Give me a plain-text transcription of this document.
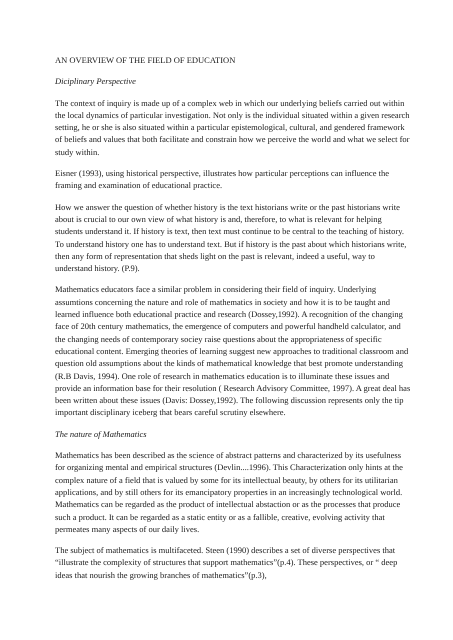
AN OVERVIEW OF THE FIELD OF EDUCATION

Diciplinary Perspective

The context of inquiry is made up of a complex web in which our underlying beliefs carried out within the local dynamics of particular investigation. Not only is the individual situated within a given research setting, he or she is also situated within a particular epistemological, cultural, and gendered framework of beliefs and values that both facilitate and constrain how we perceive the world and what we select for study within.

Eisner (1993), using historical perspective, illustrates how particular perceptions can influence the framing and examination of educational practice.

How we answer the question of whether history is the text historians write or the past historians write about is crucial to our own view of what history is and, therefore, to what is relevant for helping students understand it. If history is text, then text must continue to be central to the teaching of history. To understand history one has to understand text. But if history is the past about which historians write, then any form of representation that sheds light on the past is relevant, indeed a useful, way to understand history. (P.9).

Mathematics educators face a similar problem in considering their field of inquiry. Underlying assumtions concerning the nature and role of mathematics in society and how it is to be taught and learned influence both educational practice and research (Dossey,1992). A recognition of the changing face of 20th century mathematics, the emergence of computers and powerful handheld calculator, and the changing needs of contemporary sociey raise questions about the appropriateness of specific educational content. Emerging theories of learning suggest new approaches to traditional classroom and question old assumptions about the kinds of mathematical knowledge that best promote understanding (R.B Davis, 1994). One role of research in mathematics education is to illuminate these issues and provide an information base for their resolution ( Research Advisory Committee, 1997). A great deal has been written about these issues (Davis: Dossey,1992). The following discussion represents only the tip important disciplinary iceberg that bears careful scrutiny elsewhere.

The nature of Mathematics

Mathematics has been described as the science of abstract patterns and characterized by its usefulness for organizing mental and empirical structures (Devlin....1996). This Characterization only hints at the complex nature of a field that is valued by some for its intellectual beauty, by others for its utilitarian applications, and by still others for its emancipatory properties in an increasingly technological world. Mathematics can be regarded as the product of intellectual abstaction or as the processes that produce such a product. It can be regarded as a static entity or as a fallible, creative, evolving activity that permeates many aspects of our daily lives.

The subject of mathematics is multifaceted. Steen (1990) describes a set of diverse perspectives that “illustrate the complexity of structures that support mathematics”(p.4). These perspectives, or “ deep ideas that nourish the growing branches of mathematics”(p.3),
